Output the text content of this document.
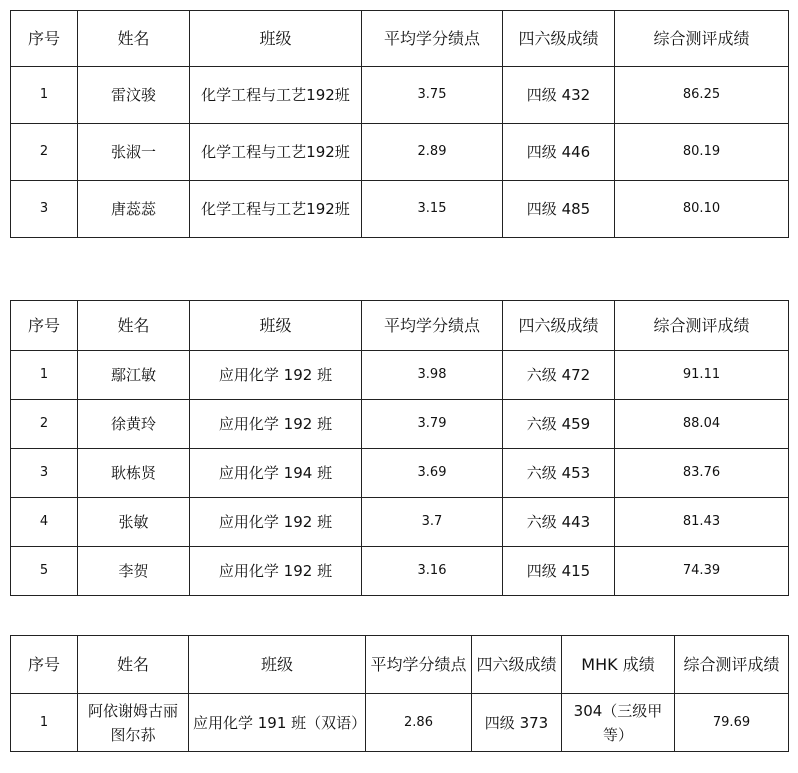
序号	姓名	班级	平均学分绩点	四六级成绩	综合测评成绩
1	雷汶骏	化学工程与工艺192班	3.75	四级 432	86.25
2	张淑一	化学工程与工艺192班	2.89	四级 446	80.19
3	唐蕊蕊	化学工程与工艺192班	3.15	四级 485	80.10
序号	姓名	班级	平均学分绩点	四六级成绩	综合测评成绩
1	鄢江敏	应用化学 192 班	3.98	六级 472	91.11
2	徐黄玲	应用化学 192 班	3.79	六级 459	88.04
3	耿栋贤	应用化学 194 班	3.69	六级 453	83.76
4	张敏	应用化学 192 班	3.7	六级 443	81.43
5	李贺	应用化学 192 班	3.16	四级 415	74.39
序号	姓名	班级	平均学分绩点	四六级成绩	MHK 成绩	综合测评成绩
1	阿依谢姆古丽图尔荪	应用化学 191 班（双语）	2.86	四级 373	304（三级甲等）	79.69
